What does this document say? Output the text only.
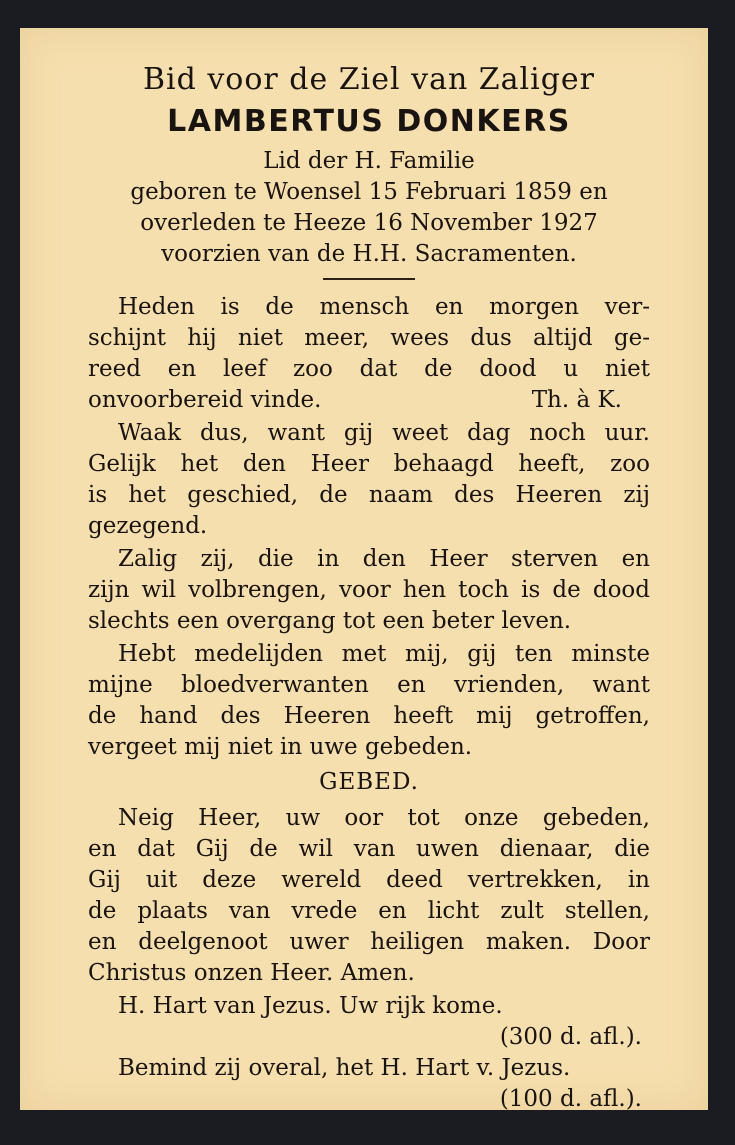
Bid voor de Ziel van Zaliger

LAMBERTUS DONKERS

Lid der H. Familie

geboren te Woensel 15 Februari 1859 en

overleden te Heeze 16 November 1927

voorzien van de H.H. Sacramenten.

Heden is de mensch en morgen ver-

schijnt hij niet meer, wees dus altijd ge-

reed en leef zoo dat de dood u niet

onvoorbereid vinde.	Th. à K.

Waak dus, want gij weet dag noch uur.

Gelijk het den Heer behaagd heeft, zoo

is het geschied, de naam des Heeren zij

gezegend.

Zalig zij, die in den Heer sterven en

zijn wil volbrengen, voor hen toch is de dood

slechts een overgang tot een beter leven.

Hebt medelijden met mij, gij ten minste

mijne bloedverwanten en vrienden, want

de hand des Heeren heeft mij getroffen,

vergeet mij niet in uwe gebeden.

GEBED.

Neig Heer, uw oor tot onze gebeden,

en dat Gij de wil van uwen dienaar, die

Gij uit deze wereld deed vertrekken, in

de plaats van vrede en licht zult stellen,

en deelgenoot uwer heiligen maken. Door

Christus onzen Heer. Amen.

H. Hart van Jezus. Uw rijk kome.

(300 d. afl.).

Bemind zij overal, het H. Hart v. Jezus.

(100 d. afl.).
